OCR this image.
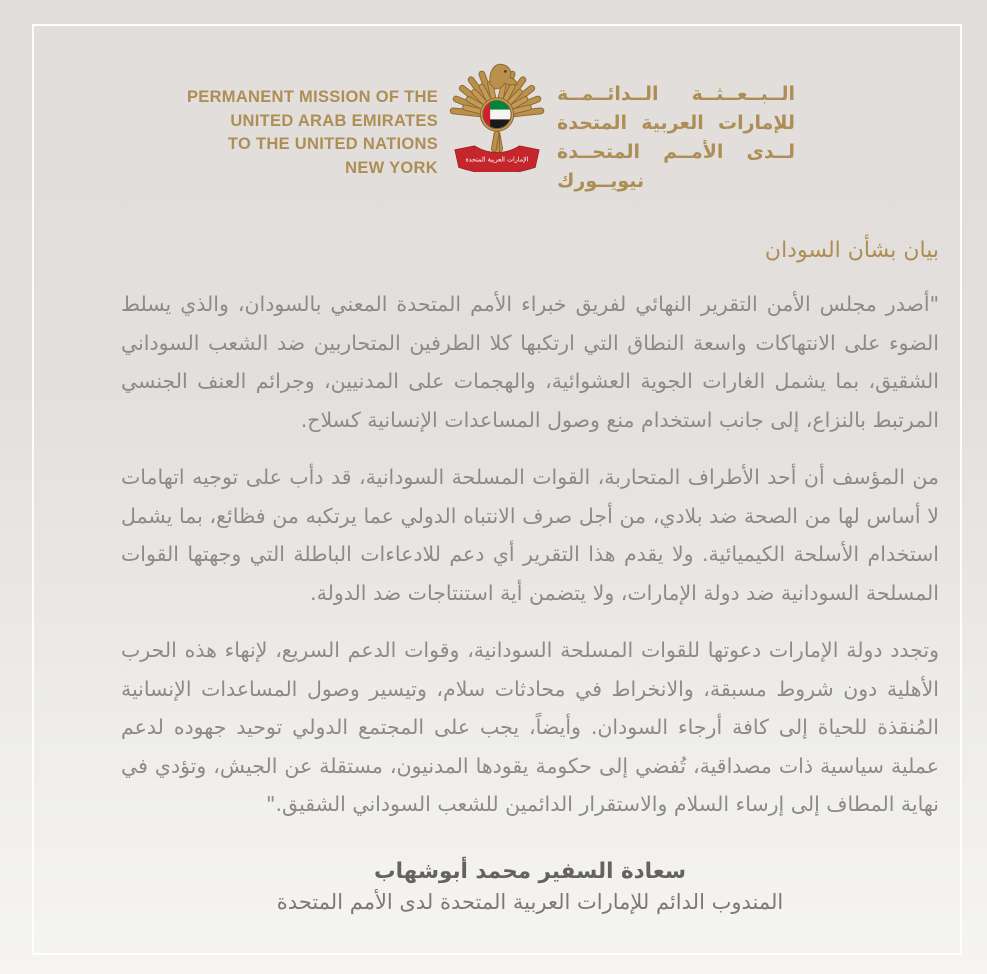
PERMANENT MISSION OF THE
UNITED ARAB EMIRATES
TO THE UNITED NATIONS
NEW YORK	الإمارات العربية المتحدة
الــبــعــثــة الــدائــمــة
للإمارات العربية المتحدة
لــدى الأمــم المتحــدة
نيويــورك
بيان بشأن السودان

"أصدر مجلس الأمن التقرير النهائي لفريق خبراء الأمم المتحدة المعني بالسودان، والذي يسلط الضوء على الانتهاكات واسعة النطاق التي ارتكبها كلا الطرفين المتحاربين ضد الشعب السوداني الشقيق، بما يشمل الغارات الجوية العشوائية، والهجمات على المدنيين، وجرائم العنف الجنسي المرتبط بالنزاع، إلى جانب استخدام منع وصول المساعدات الإنسانية كسلاح.

من المؤسف أن أحد الأطراف المتحاربة، القوات المسلحة السودانية، قد دأب على توجيه اتهامات لا أساس لها من الصحة ضد بلادي، من أجل صرف الانتباه الدولي عما يرتكبه من فظائع، بما يشمل استخدام الأسلحة الكيميائية. ولا يقدم هذا التقرير أي دعم للادعاءات الباطلة التي وجهتها القوات المسلحة السودانية ضد دولة الإمارات، ولا يتضمن أية استنتاجات ضد الدولة.

وتجدد دولة الإمارات دعوتها للقوات المسلحة السودانية، وقوات الدعم السريع، لإنهاء هذه الحرب الأهلية دون شروط مسبقة، والانخراط في محادثات سلام، وتيسير وصول المساعدات الإنسانية المُنقذة للحياة إلى كافة أرجاء السودان. وأيضاً، يجب على المجتمع الدولي توحيد جهوده لدعم عملية سياسية ذات مصداقية، تُفضي إلى حكومة يقودها المدنيون، مستقلة عن الجيش، وتؤدي في نهاية المطاف إلى إرساء السلام والاستقرار الدائمين للشعب السوداني الشقيق."

سعادة السفير محمد أبوشهاب
المندوب الدائم للإمارات العربية المتحدة لدى الأمم المتحدة
